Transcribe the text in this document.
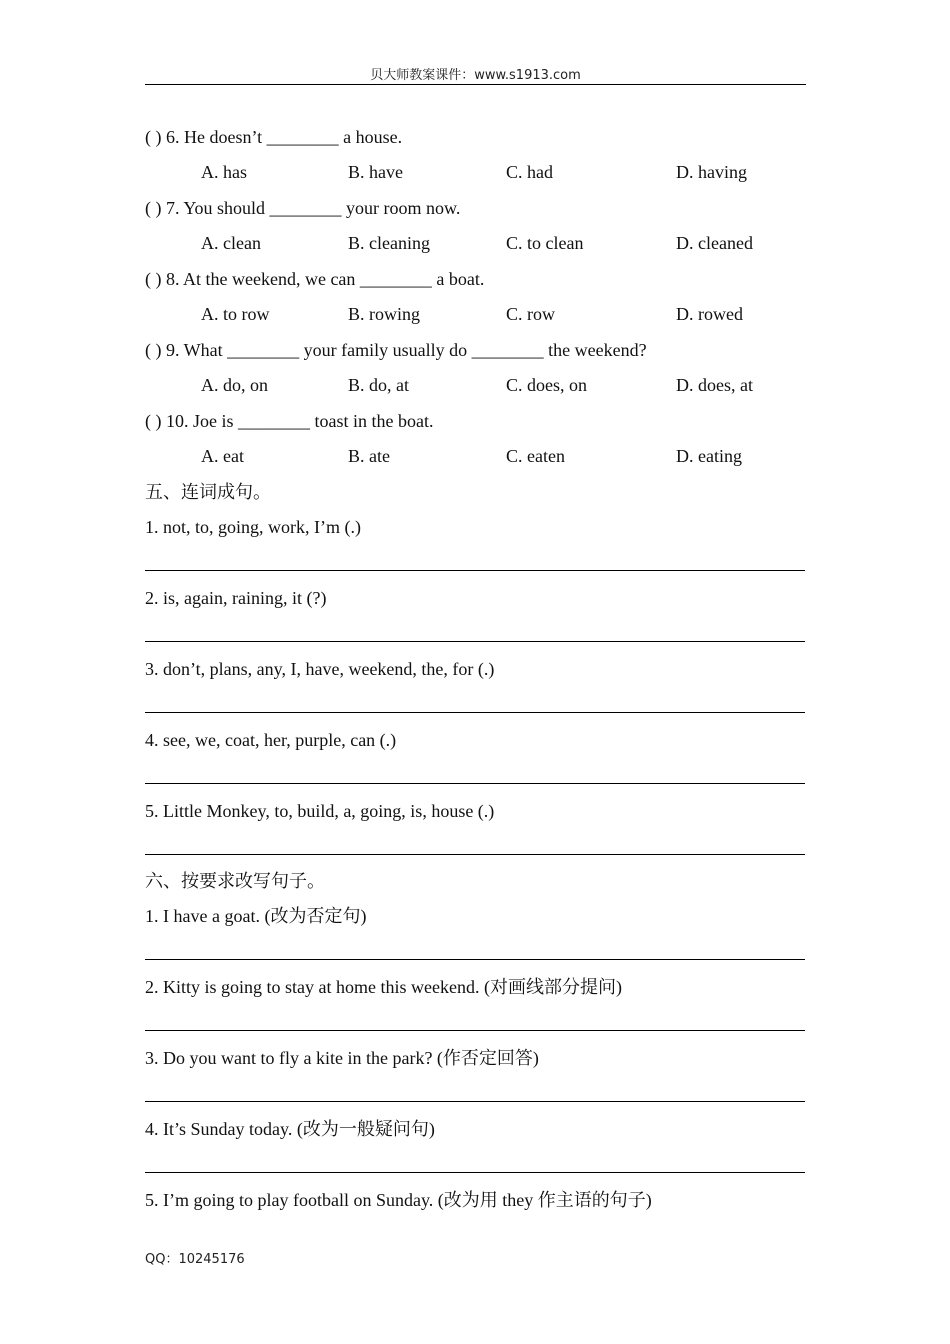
贝大师教案课件：www.s1913.com
( ) 6. He doesn’t ________ a house.
A. has	B. have	C. had	D. having
( ) 7. You should ________ your room now.
A. clean	B. cleaning	C. to clean	D. cleaned
( ) 8. At the weekend, we can ________ a boat.
A. to row	B. rowing	C. row	D. rowed
( ) 9. What ________ your family usually do ________ the weekend?
A. do, on	B. do, at	C. does, on	D. does, at
( ) 10. Joe is ________ toast in the boat.
A. eat	B. ate	C. eaten	D. eating
五、连词成句。
1. not, to, going, work, I’m (.)
2. is, again, raining, it (?)
3. don’t, plans, any, I, have, weekend, the, for (.)
4. see, we, coat, her, purple, can (.)
5. Little Monkey, to, build, a, going, is, house (.)
六、按要求改写句子。
1. I have a goat. (改为否定句)
2. Kitty is going to stay at home this weekend. (对画线部分提问)
3. Do you want to fly a kite in the park? (作否定回答)
4. It’s Sunday today. (改为一般疑问句)
5. I’m going to play football on Sunday. (改为用 they 作主语的句子)
QQ：10245176
